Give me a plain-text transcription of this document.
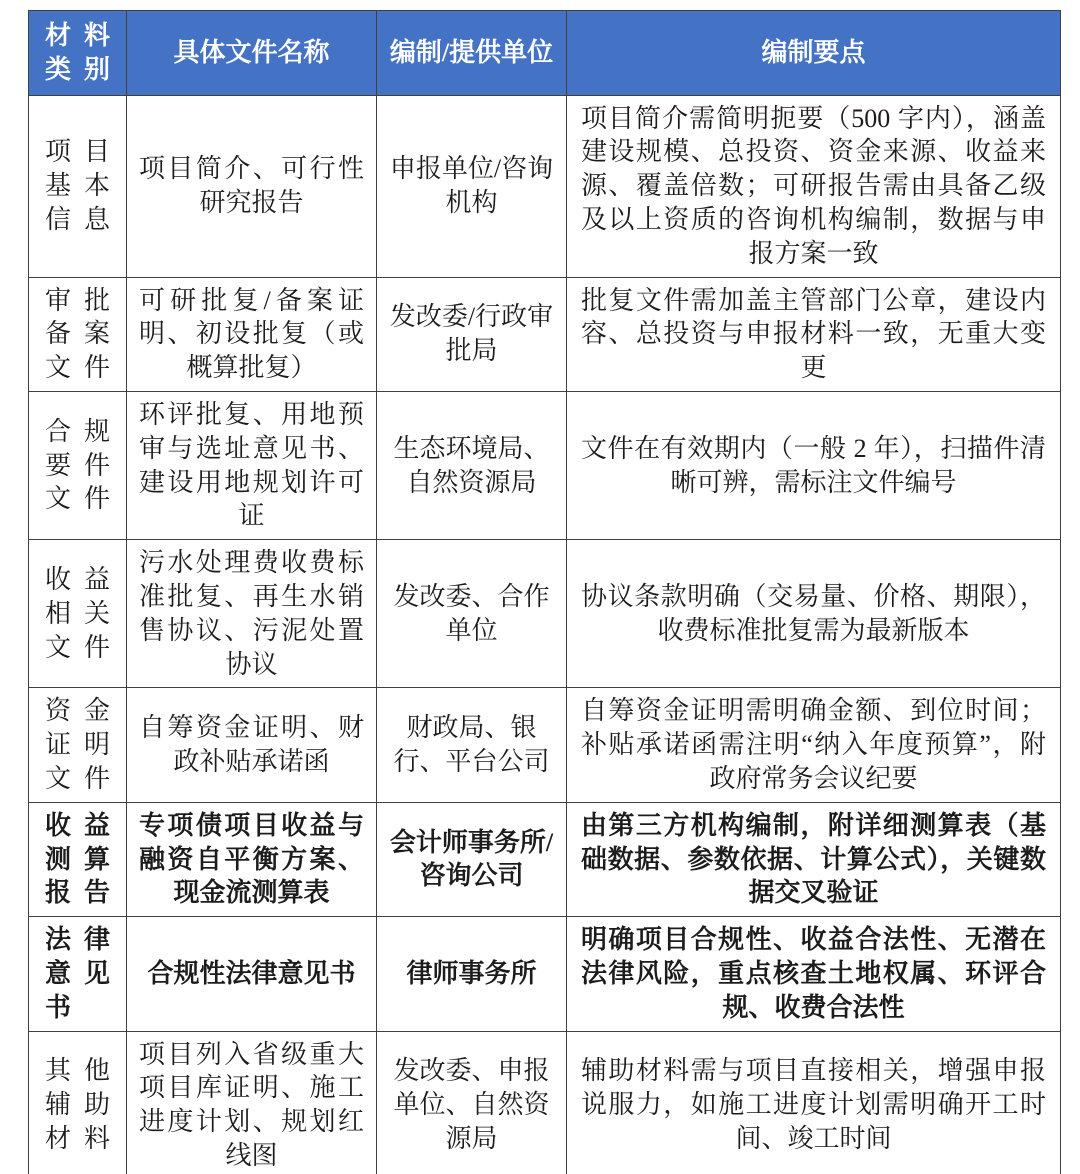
材料类别	具体文件名称	编制/提供单位	编制要点
项目基本信息	项目简介、可行性研究报告	申报单位/咨询机构	项目简介需简明扼要（500 字内），涵盖建设规模、总投资、资金来源、收益来源、覆盖倍数；可研报告需由具备乙级及以上资质的咨询机构编制，数据与申报方案一致
审批备案文件	可研批复/备案证明、初设批复（或概算批复）	发改委/行政审批局	批复文件需加盖主管部门公章，建设内容、总投资与申报材料一致，无重大变更
合规要件文件	环评批复、用地预审与选址意见书、建设用地规划许可证	生态环境局、自然资源局	文件在有效期内（一般 2 年），扫描件清晰可辨，需标注文件编号
收益相关文件	污水处理费收费标准批复、再生水销售协议、污泥处置协议	发改委、合作单位	协议条款明确（交易量、价格、期限），收费标准批复需为最新版本
资金证明文件	自筹资金证明、财政补贴承诺函	财政局、银行、平台公司	自筹资金证明需明确金额、到位时间；补贴承诺函需注明“纳入年度预算”，附政府常务会议纪要
收益测算报告	专项债项目收益与融资自平衡方案、现金流测算表	会计师事务所/咨询公司	由第三方机构编制，附详细测算表（基础数据、参数依据、计算公式），关键数据交叉验证
法律意见书	合规性法律意见书	律师事务所	明确项目合规性、收益合法性、无潜在法律风险，重点核查土地权属、环评合规、收费合法性
其他辅助材料	项目列入省级重大项目库证明、施工进度计划、规划红线图	发改委、申报单位、自然资源局	辅助材料需与项目直接相关，增强申报说服力，如施工进度计划需明确开工时间、竣工时间
